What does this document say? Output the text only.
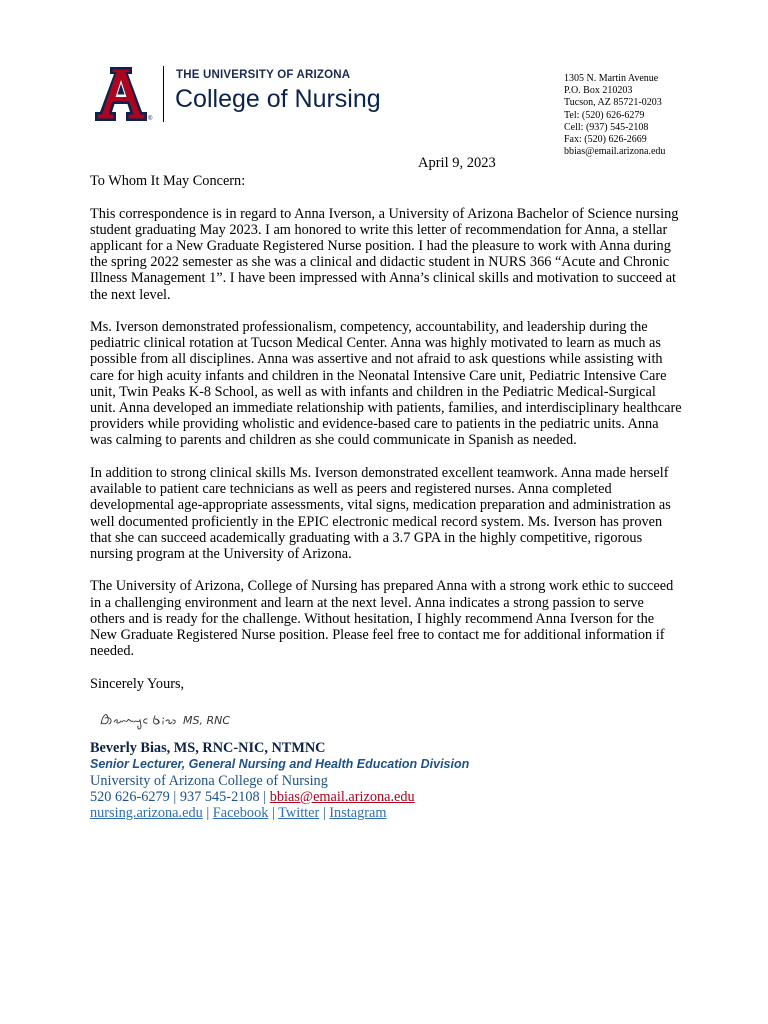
®
THE UNIVERSITY OF ARIZONA
College of Nursing
1305 N. Martin Avenue
P.O. Box 210203
Tucson, AZ 85721-0203
Tel: (520) 626-6279
Cell: (937) 545-2108
Fax: (520) 626-2669
bbias@email.arizona.edu
April 9, 2023

To Whom It May Concern:

This correspondence is in regard to Anna Iverson, a University of Arizona Bachelor of Science nursing student graduating May 2023. I am honored to write this letter of recommendation for Anna, a stellar applicant for a New Graduate Registered Nurse position. I had the pleasure to work with Anna during the spring 2022 semester as she was a clinical and didactic student in NURS 366 “Acute and Chronic Illness Management 1”. I have been impressed with Anna’s clinical skills and motivation to succeed at the next level.

Ms. Iverson demonstrated professionalism, competency, accountability, and leadership during the pediatric clinical rotation at Tucson Medical Center. Anna was highly motivated to learn as much as possible from all disciplines. Anna was assertive and not afraid to ask questions while assisting with care for high acuity infants and children in the Neonatal Intensive Care unit, Pediatric Intensive Care unit, Twin Peaks K-8 School, as well as with infants and children in the Pediatric Medical-Surgical unit. Anna developed an immediate relationship with patients, families, and interdisciplinary healthcare providers while providing wholistic and evidence-based care to patients in the pediatric units. Anna was calming to parents and children as she could communicate in Spanish as needed.

In addition to strong clinical skills Ms. Iverson demonstrated excellent teamwork. Anna made herself available to patient care technicians as well as peers and registered nurses. Anna completed developmental age-appropriate assessments, vital signs, medication preparation and administration as well documented proficiently in the EPIC electronic medical record system. Ms. Iverson has proven that she can succeed academically graduating with a 3.7 GPA in the highly competitive, rigorous nursing program at the University of Arizona.

The University of Arizona, College of Nursing has prepared Anna with a strong work ethic to succeed in a challenging environment and learn at the next level. Anna indicates a strong passion to serve others and is ready for the challenge. Without hesitation, I highly recommend Anna Iverson for the New Graduate Registered Nurse position. Please feel free to contact me for additional information if needed.

Sincerely Yours,

MS, RNC
Beverly Bias, MS, RNC-NIC, NTMNC
Senior Lecturer, General Nursing and Health Education Division
University of Arizona College of Nursing
520 626-6279 | 937 545-2108 | bbias@email.arizona.edu
nursing.arizona.edu | Facebook | Twitter | Instagram
